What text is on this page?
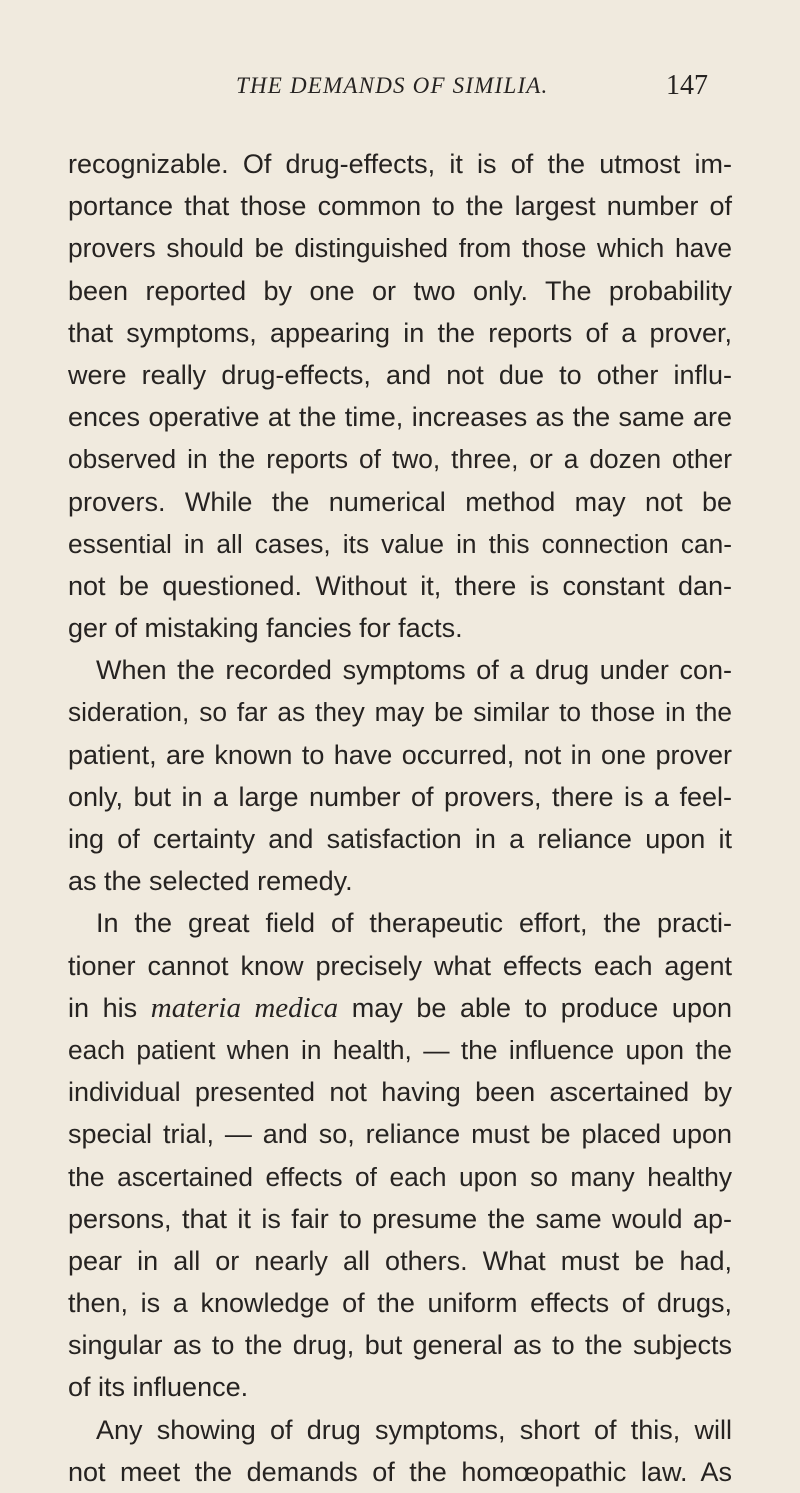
THE DEMANDS OF SIMILIA.	147
recognizable. Of drug-effects, it is of the utmost im-
portance that those common to the largest number of
provers should be distinguished from those which have
been reported by one or two only. The probability
that symptoms, appearing in the reports of a prover,
were really drug-effects, and not due to other influ-
ences operative at the time, increases as the same are
observed in the reports of two, three, or a dozen other
provers. While the numerical method may not be
essential in all cases, its value in this connection can-
not be questioned. Without it, there is constant dan-
ger of mistaking fancies for facts.
When the recorded symptoms of a drug under con-
sideration, so far as they may be similar to those in the
patient, are known to have occurred, not in one prover
only, but in a large number of provers, there is a feel-
ing of certainty and satisfaction in a reliance upon it
as the selected remedy.
In the great field of therapeutic effort, the practi-
tioner cannot know precisely what effects each agent
in his materia medica may be able to produce upon
each patient when in health, — the influence upon the
individual presented not having been ascertained by
special trial, — and so, reliance must be placed upon
the ascertained effects of each upon so many healthy
persons, that it is fair to presume the same would ap-
pear in all or nearly all others. What must be had,
then, is a knowledge of the uniform effects of drugs,
singular as to the drug, but general as to the subjects
of its influence.
Any showing of drug symptoms, short of this, will
not meet the demands of the homœopathic law. As
